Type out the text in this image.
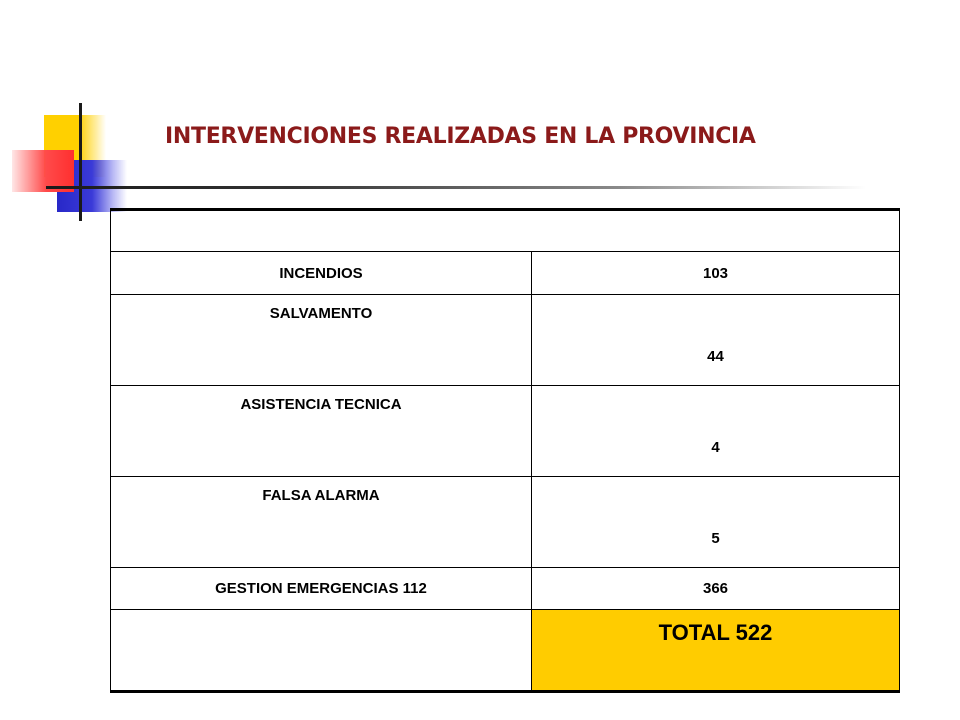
INTERVENCIONES REALIZADAS EN LA PROVINCIA

INCENDIOS	103
SALVAMENTO	44
ASISTENCIA TECNICA	4
FALSA ALARMA	5
GESTION EMERGENCIAS 112	366
	TOTAL 522
